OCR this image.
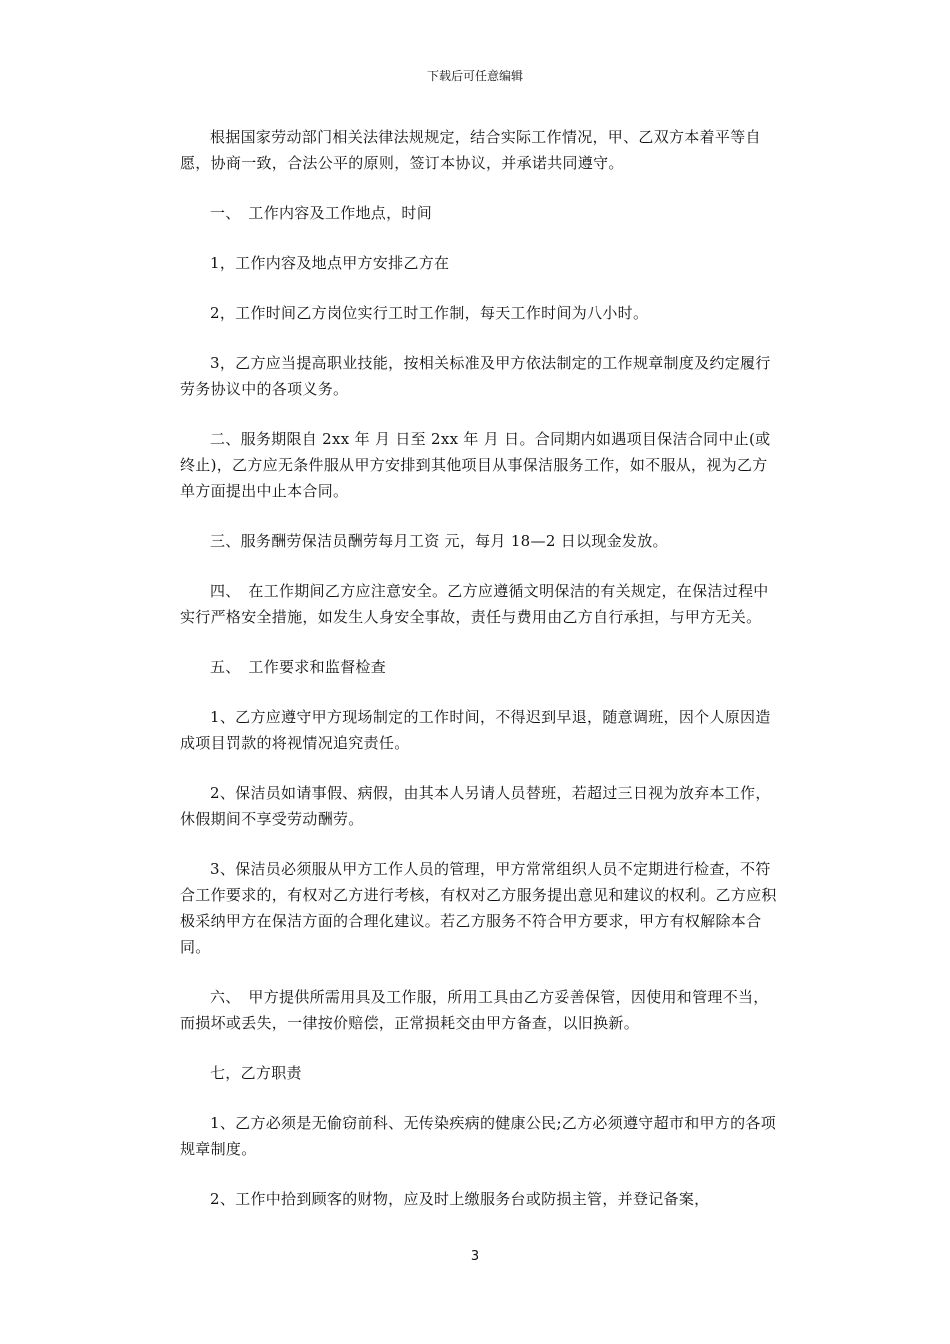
下载后可任意编辑

根据国家劳动部门相关法律法规规定，结合实际工作情况，甲、乙双方本着平等自愿，协商一致，合法公平的原则，签订本协议，并承诺共同遵守。

一、　工作内容及工作地点，时间

1，工作内容及地点甲方安排乙方在

2，工作时间乙方岗位实行工时工作制，每天工作时间为八小时。

3，乙方应当提高职业技能，按相关标准及甲方依法制定的工作规章制度及约定履行劳务协议中的各项义务。

二、服务期限自 2xx 年 月 日至 2xx 年 月 日。合同期内如遇项目保洁合同中止(或终止)，乙方应无条件服从甲方安排到其他项目从事保洁服务工作，如不服从，视为乙方单方面提出中止本合同。

三、服务酬劳保洁员酬劳每月工资 元，每月 18—2 日以现金发放。

四、　在工作期间乙方应注意安全。乙方应遵循文明保洁的有关规定，在保洁过程中实行严格安全措施，如发生人身安全事故，责任与费用由乙方自行承担，与甲方无关。

五、　工作要求和监督检查

1、乙方应遵守甲方现场制定的工作时间，不得迟到早退，随意调班，因个人原因造成项目罚款的将视情况追究责任。

2、保洁员如请事假、病假，由其本人另请人员替班，若超过三日视为放弃本工作，休假期间不享受劳动酬劳。

3、保洁员必须服从甲方工作人员的管理，甲方常常组织人员不定期进行检查，不符合工作要求的，有权对乙方进行考核，有权对乙方服务提出意见和建议的权利。乙方应积极采纳甲方在保洁方面的合理化建议。若乙方服务不符合甲方要求，甲方有权解除本合同。

六、　甲方提供所需用具及工作服，所用工具由乙方妥善保管，因使用和管理不当，而损坏或丢失，一律按价赔偿，正常损耗交由甲方备查，以旧换新。

七，乙方职责

1、乙方必须是无偷窃前科、无传染疾病的健康公民;乙方必须遵守超市和甲方的各项规章制度。

2、工作中拾到顾客的财物，应及时上缴服务台或防损主管，并登记备案，

3
